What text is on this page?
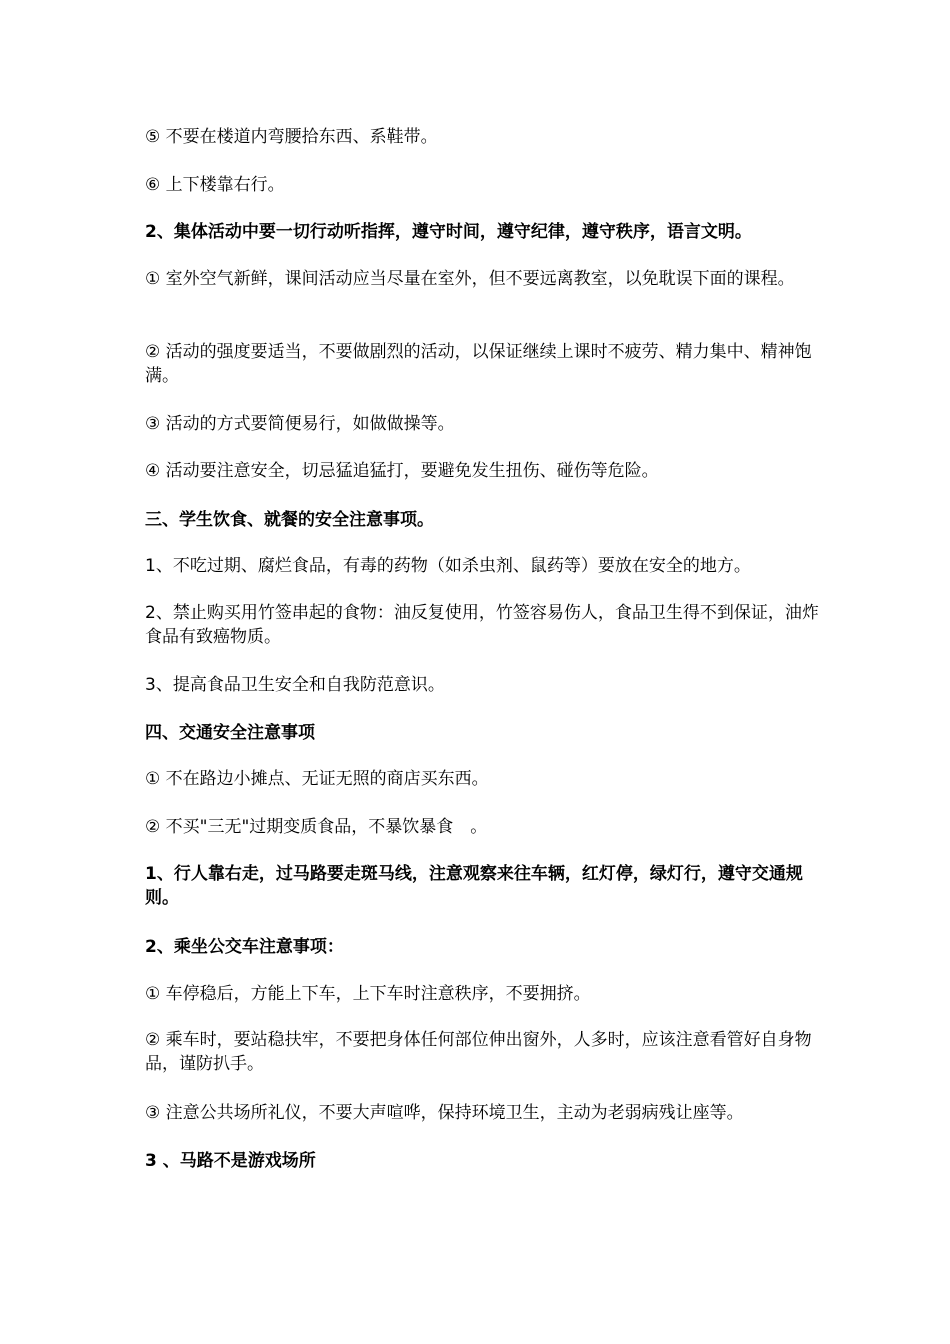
⑤ 不要在楼道内弯腰拾东西、系鞋带。

⑥ 上下楼靠右行。

2、集体活动中要一切行动听指挥，遵守时间，遵守纪律，遵守秩序，语言文明。

① 室外空气新鲜，课间活动应当尽量在室外，但不要远离教室，以免耽误下面的课程。

② 活动的强度要适当，不要做剧烈的活动，以保证继续上课时不疲劳、精力集中、精神饱满。

③ 活动的方式要简便易行，如做做操等。

④ 活动要注意安全，切忌猛追猛打，要避免发生扭伤、碰伤等危险。

三、学生饮食、就餐的安全注意事项。

1、不吃过期、腐烂食品，有毒的药物（如杀虫剂、鼠药等）要放在安全的地方。

2、禁止购买用竹签串起的食物：油反复使用，竹签容易伤人，食品卫生得不到保证，油炸食品有致癌物质。

3、提高食品卫生安全和自我防范意识。

四、交通安全注意事项

① 不在路边小摊点、无证无照的商店买东西。

② 不买"三无"过期变质食品，不暴饮暴食　。

1、行人靠右走，过马路要走斑马线，注意观察来往车辆，红灯停，绿灯行，遵守交通规则。

2、乘坐公交车注意事项：

① 车停稳后，方能上下车，上下车时注意秩序，不要拥挤。

② 乘车时，要站稳扶牢，不要把身体任何部位伸出窗外，人多时，应该注意看管好自身物品，谨防扒手。

③ 注意公共场所礼仪，不要大声喧哗，保持环境卫生，主动为老弱病残让座等。

3 、马路不是游戏场所
